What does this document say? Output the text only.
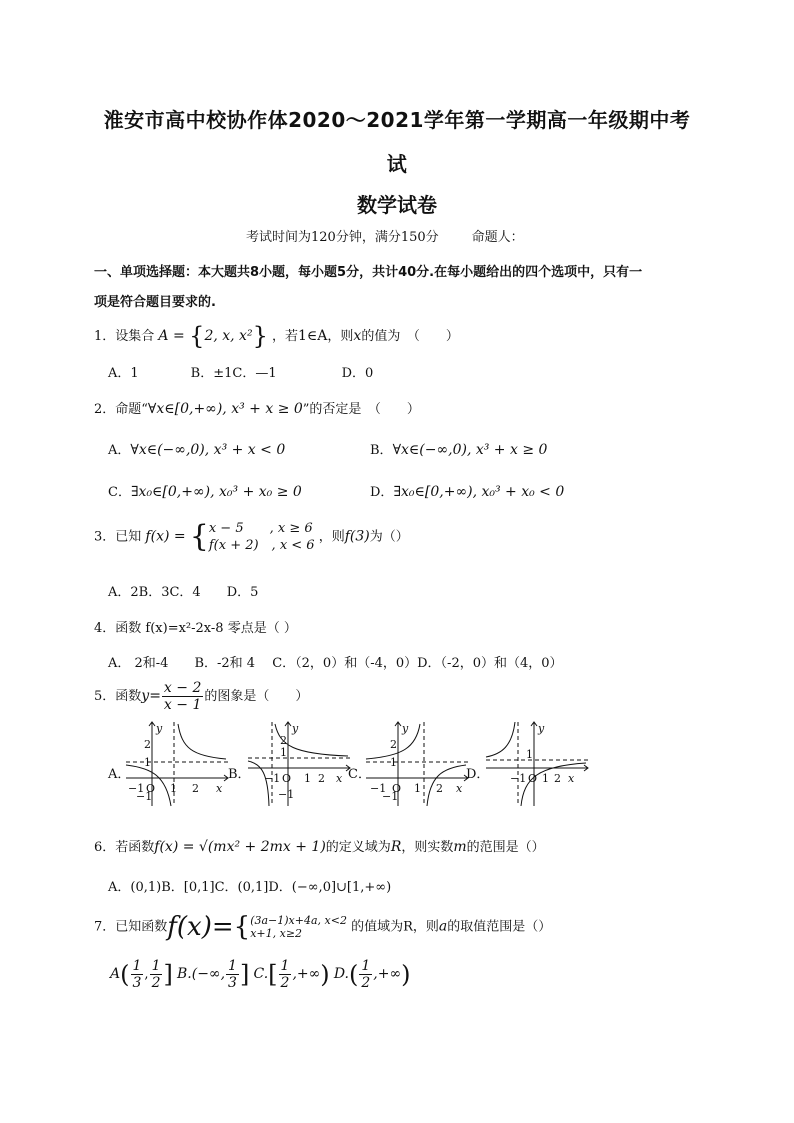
淮安市高中校协作体2020～2021学年第一学期高一年级期中考
试
数学试卷
考试时间为120分钟，满分150分        命题人：
一、单项选择题：本大题共8小题，每小题5分，共计40分.在每小题给出的四个选项中，只有一
项是符合题目要求的.
1．设集合 A = {2, x, x²} ，若1∈A，则x的值为　（　　）
A．1　　　　B．±1C．—1　　　　　D．0
2．命题“∀x∈[0,+∞), x³ + x ≥ 0”的否定是　（　　）
A．∀x∈(−∞,0), x³ + x < 0	B．∀x∈(−∞,0), x³ + x ≥ 0
C．∃x₀∈[0,+∞), x₀³ + x₀ ≥ 0	D．∃x₀∈[0,+∞), x₀³ + x₀ < 0
3．已知 f(x) = { x − 5　　, x ≥ 6
f(x + 2)　, x < 6
，则f(3)为（）
A．2B．3C．4　　D．5
4．函数 f(x)=x²-2x-8 零点是（ ）
A． 2和-4　　B．-2和 4　 C．（2，0）和（-4，0）D．（-2，0）和（4，0）
5．函数$y= \frac{x - 2}{x - 1}$ 的图象是（　　）
A．	B．	C．	D．
2
1
−1 O 1 2 x
y
−1
2
1
−1 O 1 2 x
y
−1
2
1
−1 O 1 2 x
y
−1
1
−1 O 1 2 x
y
6．若函数f(x) = √(mx² + 2mx + 1)的定义域为R，则实数m的范围是（）
A．(0,1)B．[0,1]C．(0,1]D．(−∞,0]∪[1,+∞)
7．已知函数f(x)={ (3a−1)x+4a, x<2
x+1, x≥2	的值域为R，则a的取值范围是（）
$A( \frac{1}{3}$ , $\frac{1}{2}$ ] B.(−∞, $\frac{1}{3}$ ] $C.[ \frac{1}{2}$ ,+∞) $D.( \frac{1}{2}$ ,+∞)
